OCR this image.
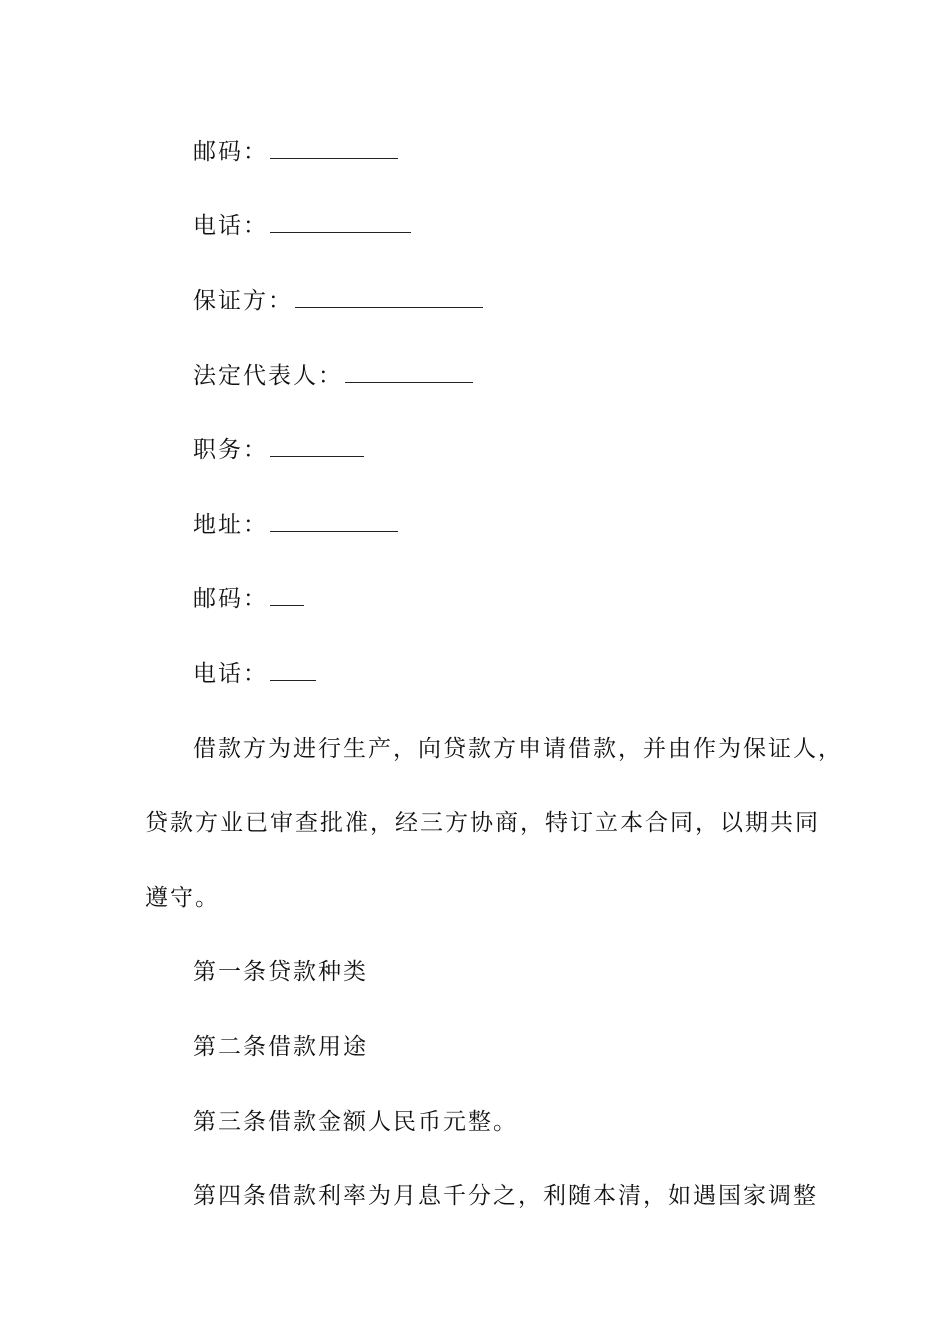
邮码：
电话：
保证方：
法定代表人：
职务：
地址：
邮码：
电话：
借款方为进行生产，向贷款方申请借款，并由作为保证人，
贷款方业已审查批准，经三方协商，特订立本合同，以期共同
遵守。
第一条贷款种类
第二条借款用途
第三条借款金额人民币元整。
第四条借款利率为月息千分之，利随本清，如遇国家调整
